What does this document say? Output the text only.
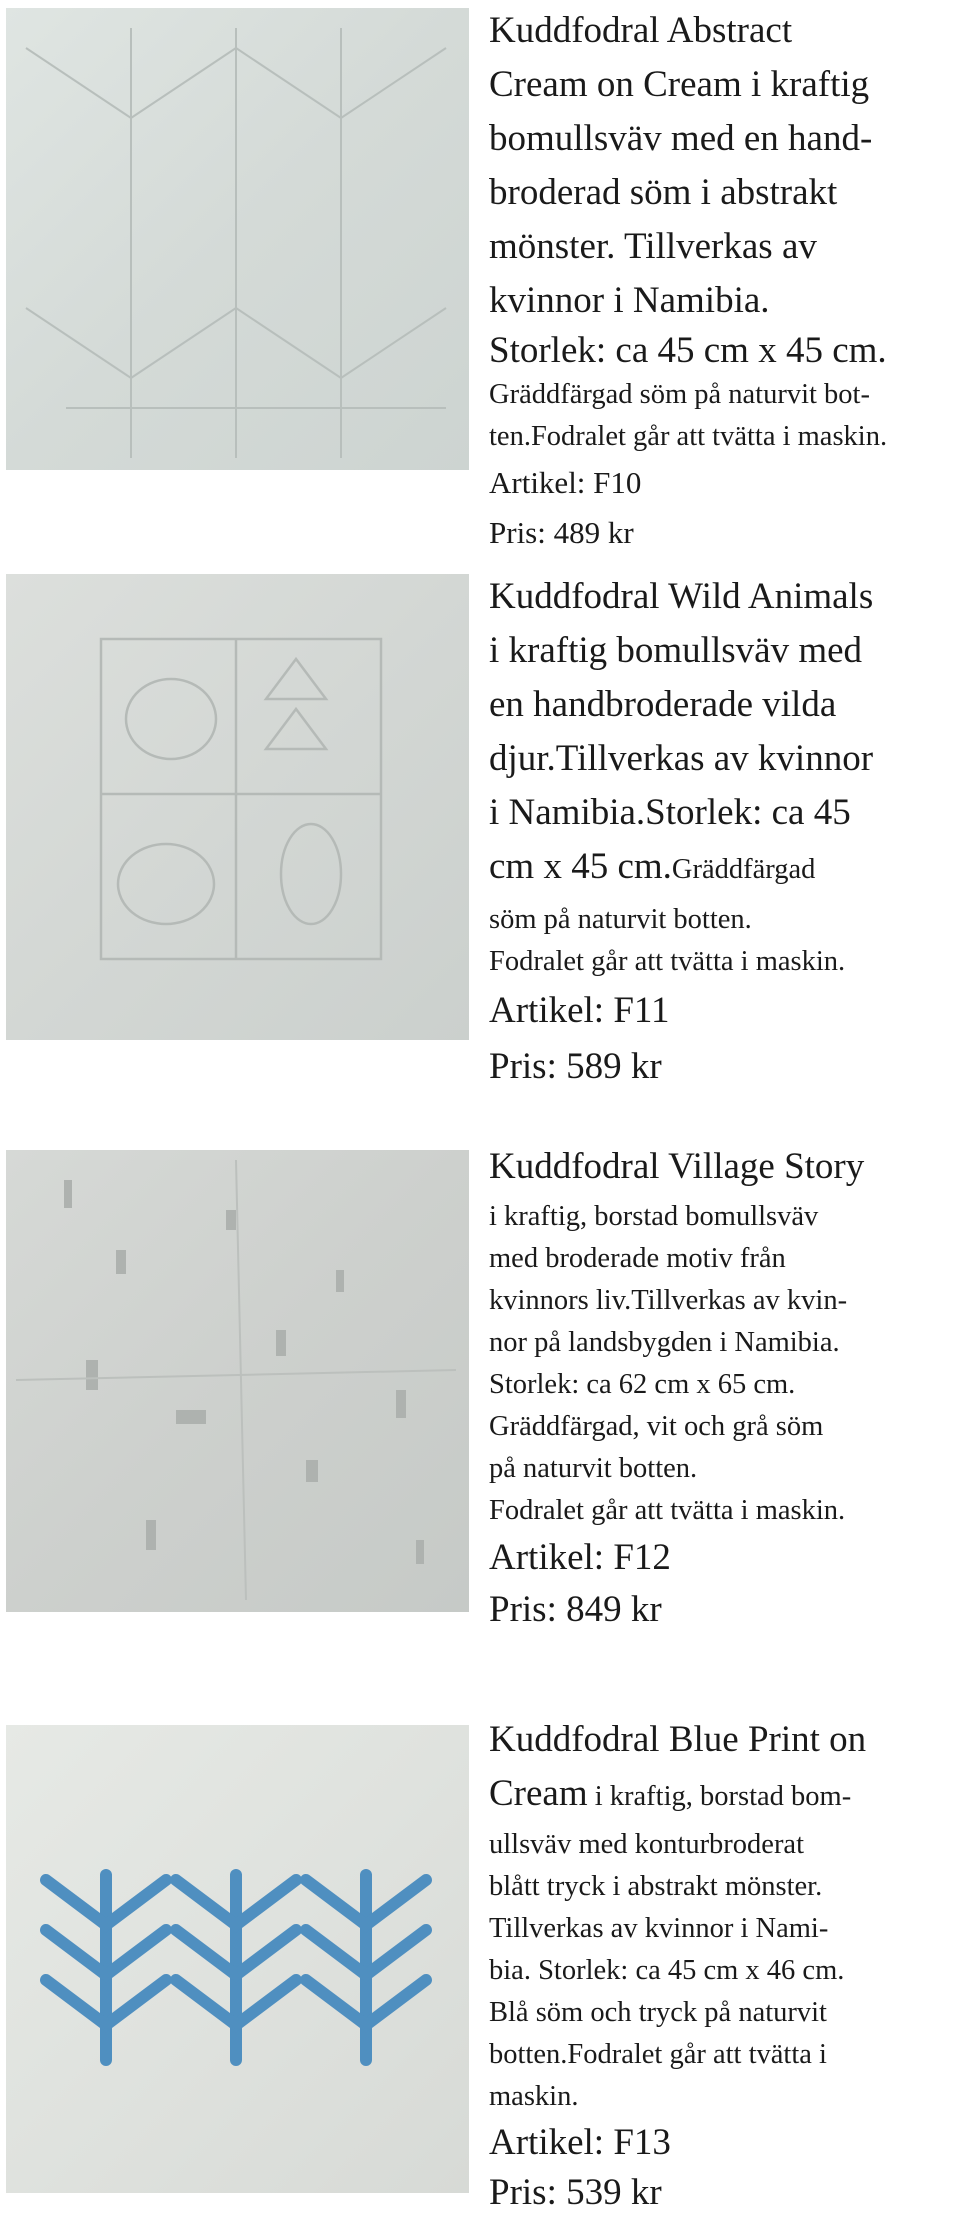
Kuddfodral Abstract
Cream on Cream i kraftig
bomullsväv med en hand-
broderad söm i abstrakt
mönster. Tillverkas av
kvinnor i Namibia.
Storlek: ca 45 cm x 45 cm.
Gräddfärgad söm på naturvit bot-
ten.Fodralet går att tvätta i maskin.
Artikel: F10
Pris: 489 kr
Kuddfodral Wild Animals
i kraftig bomullsväv med
en handbroderade vilda
djur.Tillverkas av kvinnor
i Namibia.Storlek: ca 45
cm x 45 cm.Gräddfärgad
söm på naturvit botten.
Fodralet går att tvätta i maskin.
Artikel: F11
Pris: 589 kr
Kuddfodral Village Story
i kraftig, borstad bomullsväv
med broderade motiv från
kvinnors liv.Tillverkas av kvin-
nor på landsbygden i Namibia.
Storlek: ca 62 cm x 65 cm.
Gräddfärgad, vit och grå söm
på naturvit botten.
Fodralet går att tvätta i maskin.
Artikel: F12
Pris: 849 kr
Kuddfodral Blue Print on
Cream i kraftig, borstad bom-
ullsväv med konturbroderat
blått tryck i abstrakt mönster.
Tillverkas av kvinnor i Nami-
bia. Storlek: ca 45 cm x 46 cm.
Blå söm och tryck på naturvit
botten.Fodralet går att tvätta i
maskin.
Artikel: F13
Pris: 539 kr
